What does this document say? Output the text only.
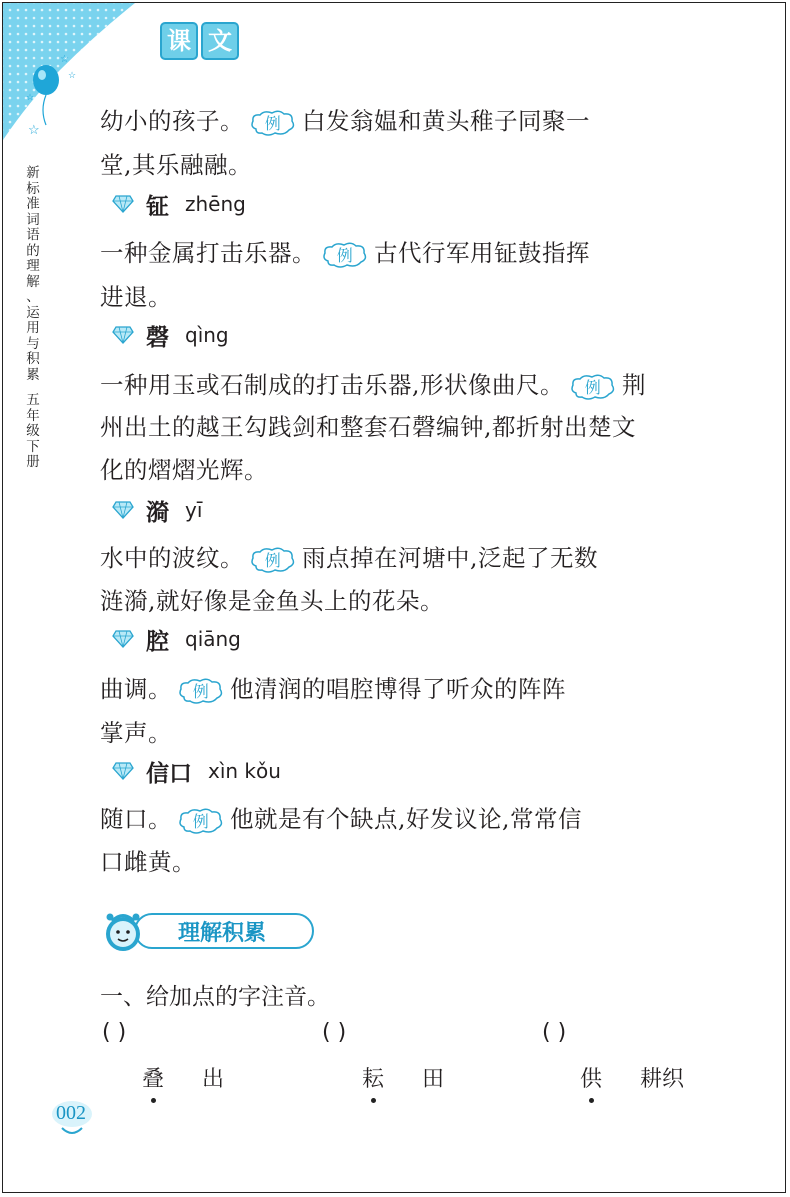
☆
☆
☆
☆
课 文
新
标
准
词
语
的
理
解
、
运
用
与
积
累
五
年
级
下
册
幼小的孩子。 例 白发翁媪和黄头稚子同聚一
堂,其乐融融。
钲 zhēng
一种金属打击乐器。 例 古代行军用钲鼓指挥
进退。
磬 qìng
一种用玉或石制成的打击乐器,形状像曲尺。 例 荆
州出土的越王勾践剑和整套石磬编钟,都折射出楚文
化的熠熠光辉。
漪 yī
水中的波纹。 例 雨点掉在河塘中,泛起了无数
涟漪,就好像是金鱼头上的花朵。
腔 qiāng
曲调。 例 他清润的唱腔博得了听众的阵阵
掌声。
信口 xìn kǒu
随口。 例 他就是有个缺点,好发议论,常常信
口雌黄。
理解积累
一、给加点的字注音。
( )	( )	( )
叠 出	耘 田	供 耕织
002
